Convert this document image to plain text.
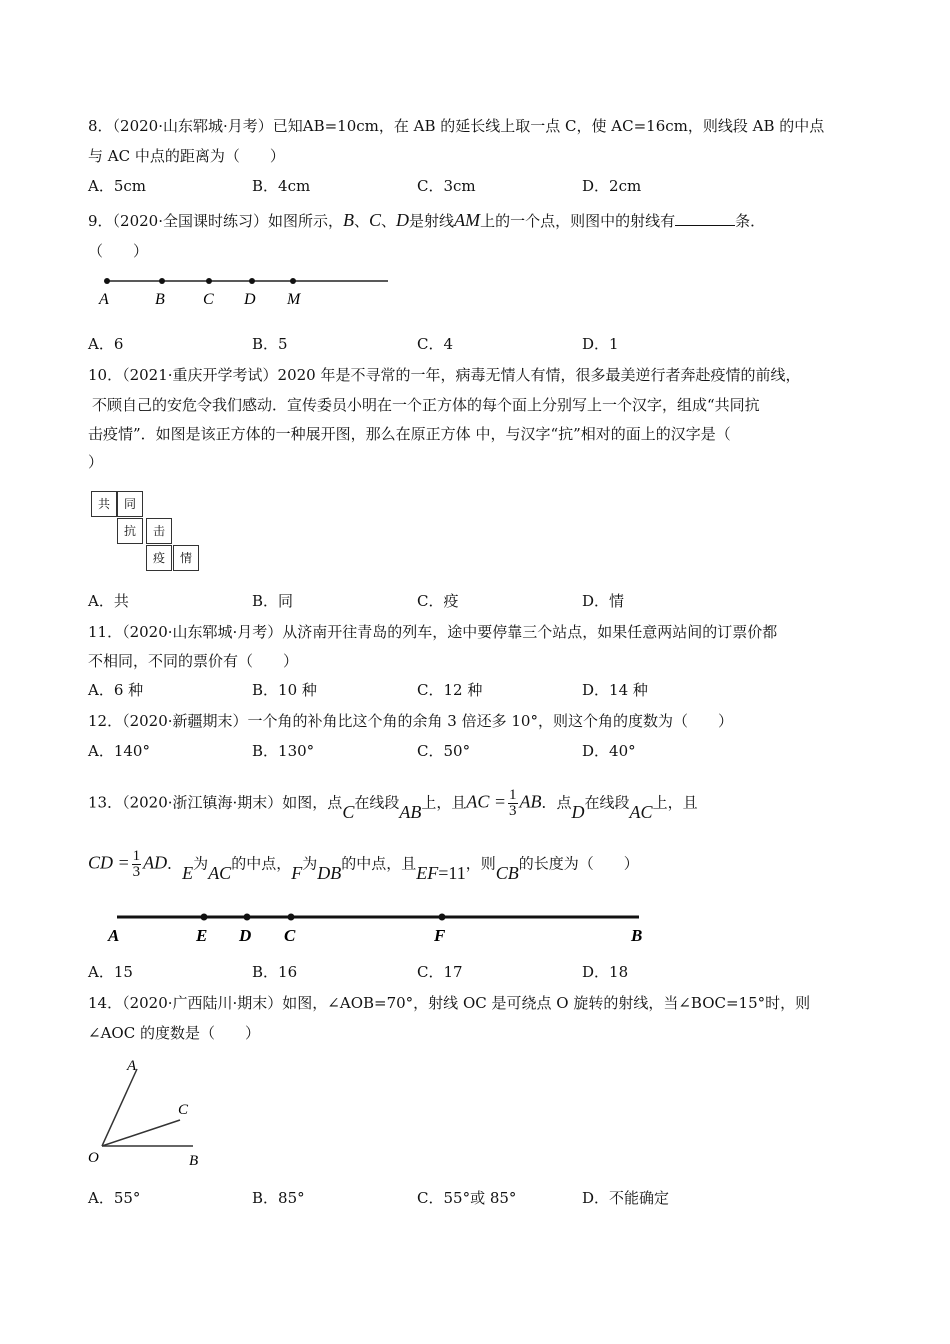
8．（2020·山东郓城·月考）已知AB=10cm，在 AB 的延长线上取一点 C，使 AC=16cm，则线段 AB 的中点
与 AC 中点的距离为（　　）
A．5cm	B．4cm	C．3cm	D．2cm
9．（2020·全国课时练习）如图所示，B、C、D是射线AM上的一个点，则图中的射线有	条．
（　　）
A	B C D M
A．6	B．5	C．4	D．1
10．（2021·重庆开学考试）2020 年是不寻常的一年，病毒无情人有情，很多最美逆行者奔赴疫情的前线，
不顾自己的安危令我们感动．宣传委员小明在一个正方体的每个面上分别写上一个汉字，组成“共同抗
击疫情”．如图是该正方体的一种展开图，那么在原正方体 中，与汉字“抗”相对的面上的汉字是（
）
共	同
抗	击
疫	情
A．共	B．同	C．疫	D．情
11．（2020·山东郓城·月考）从济南开往青岛的列车，途中要停靠三个站点，如果任意两站间的订票价都
不相同，不同的票价有（　　）
A．6 种	B．10 种	C．12 种	D．14 种
12．（2020·新疆期末）一个角的补角比这个角的余角 3 倍还多 10°，则这个角的度数为（　　）
A．140°	B．130°	C．50°	D．40°
13．（2020·浙江镇海·期末）如图，点C在线段AB上，且AC = $\frac{1}{3}$ AB．点D在线段AC上，且
CD = $\frac{1}{3}$ AD．E为AC的中点，F为DB的中点，且EF=11，则CB的长度为（　　）
A	E D C	F	B
A．15	B．16	C．17	D．18
14．（2020·广西陆川·期末）如图，∠AOB=70°，射线 OC 是可绕点 O 旋转的射线，当∠BOC=15°时，则
∠AOC 的度数是（　　）
A
C
O	B
A．55°	B．85°	C．55°或 85°	D．不能确定
